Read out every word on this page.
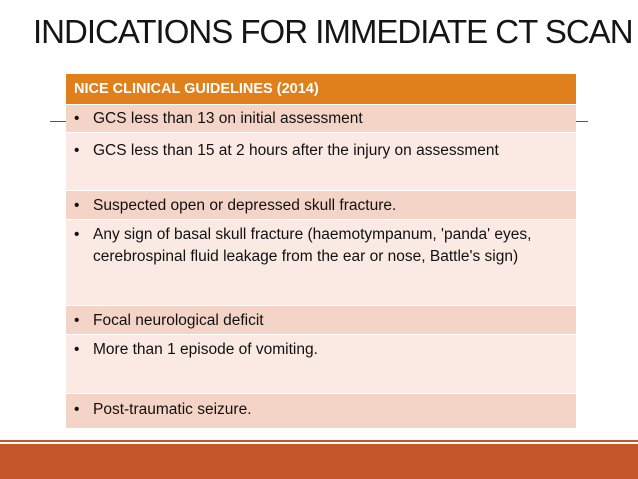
INDICATIONS FOR IMMEDIATE CT SCAN
NICE CLINICAL GUIDELINES (2014)
• GCS less than 13 on initial assessment
• GCS less than 15 at 2 hours after the injury on assessment
• Suspected open or depressed skull fracture.
• Any sign of basal skull fracture (haemotympanum, 'panda' eyes, cerebrospinal fluid leakage from the ear or nose, Battle's sign)
• Focal neurological deficit
• More than 1 episode of vomiting.
• Post-traumatic seizure.
